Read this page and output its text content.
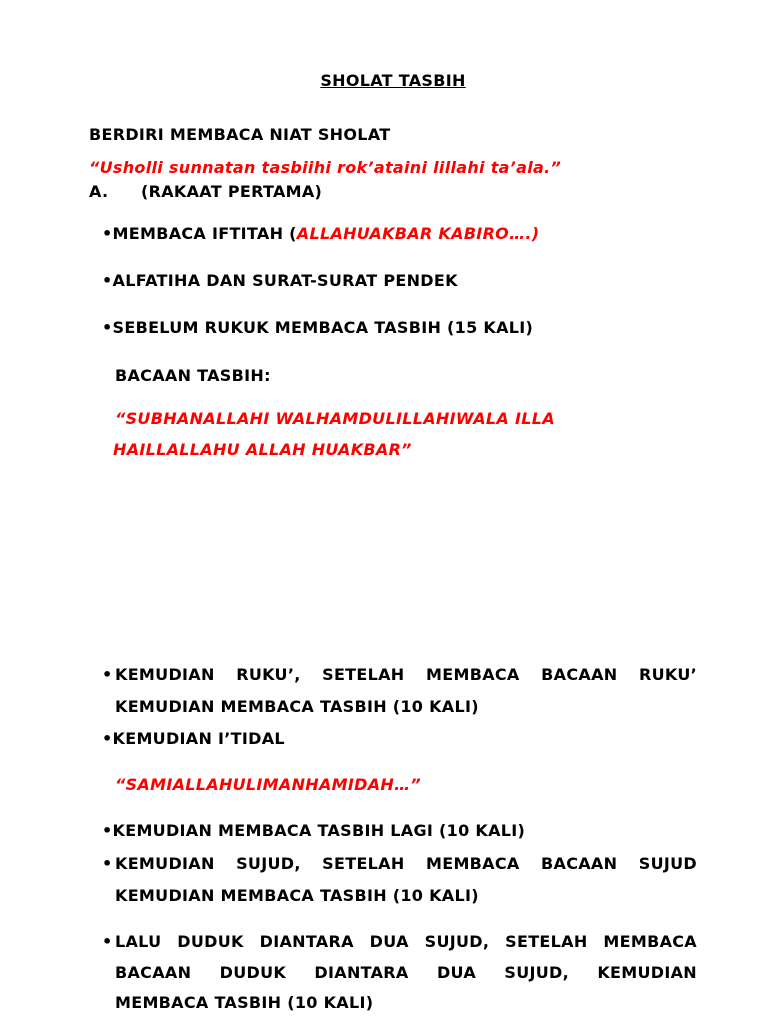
SHOLAT TASBIH
BERDIRI MEMBACA NIAT SHOLAT
“Usholli sunnatan tasbiihi rok’ataini lillahi ta’ala.”
A. (RAKAAT PERTAMA)
•MEMBACA IFTITAH (ALLAHUAKBAR KABIRO….)
•ALFATIHA DAN SURAT-SURAT PENDEK
•SEBELUM RUKUK MEMBACA TASBIH (15 KALI)
BACAAN TASBIH:
“SUBHANALLAHI WALHAMDULILLAHIWALA ILLA
HAILLALLAHU ALLAH HUAKBAR”
• KEMUDIAN RUKU’, SETELAH MEMBACA BACAAN RUKU’
KEMUDIAN MEMBACA TASBIH (10 KALI)
•KEMUDIAN I’TIDAL
“SAMIALLAHULIMANHAMIDAH…”
•KEMUDIAN MEMBACA TASBIH LAGI (10 KALI)
• KEMUDIAN SUJUD, SETELAH MEMBACA BACAAN SUJUD
KEMUDIAN MEMBACA TASBIH (10 KALI)
• LALU DUDUK DIANTARA DUA SUJUD, SETELAH MEMBACA
BACAAN DUDUK DIANTARA DUA SUJUD, KEMUDIAN
MEMBACA TASBIH (10 KALI)
